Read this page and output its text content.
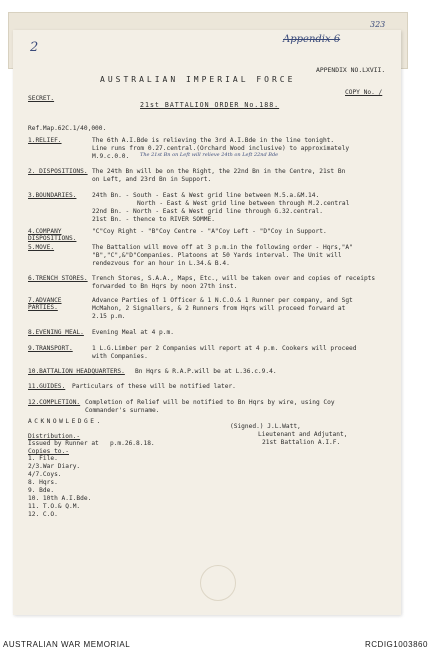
2
Appendix 6
323
APPENDIX NO.LXVII.
AUSTRALIAN IMPERIAL FORCE
SECRET.
COPY No. /
21st BATTALION ORDER No.188.
Ref.Map.62C.1/40,000.
1.RELIEF.	The 6th A.I.Bde is relieving the 3rd A.I.Bde in the line tonight.
Line runs from 0.27.central.(Orchard Wood inclusive) to approximately
M.9.c.0.0. The 21st Bn on Left will relieve 24th on Left 22nd Bde
2. DISPOSITIONS. The 24th Bn will be on the Right, the 22nd Bn in the Centre, 21st Bn
on Left, and 23rd Bn in Support.
3.BOUNDARIES.	24th Bn. - South - East & West grid line between M.5.a.&M.14.
North - East & West grid line between through M.2.central
22nd Bn. - North - East & West grid line through G.32.central.
21st Bn. - thence to RIVER SOMME.
4.COMPANY DISPOSITIONS.
"C"Coy Right - "B"Coy Centre - "A"Coy Left - "D"Coy in Support.
5.MOVE.	The Battalion will move off at 3 p.m.in the following order - Hqrs,"A"
"B","C",&"D"Companies. Platoons at 50 Yards interval. The Unit will
rendezvous for an hour in L.34.& B.4.
6.TRENCH STORES. Trench Stores, S.A.A., Maps, Etc., will be taken over and copies of receipts
forwarded to Bn Hqrs by noon 27th inst.
7.ADVANCE PARTIES.
Advance Parties of 1 Officer & 1 N.C.O.& 1 Runner per company, and Sgt
McMahon, 2 Signallers, & 2 Runners from Hqrs will proceed forward at
2.15 p.m.
8.EVENING MEAL. Evening Meal at 4 p.m.
9.TRANSPORT.	1 L.G.Limber per 2 Companies will report at 4 p.m. Cookers will proceed
with Companies.
10.BATTALION HEADQUARTERS. Bn Hqrs & R.A.P.will be at L.36.c.9.4.
11.GUIDES. Particulars of these will be notified later.
12.COMPLETION. Completion of Relief will be notified to Bn Hqrs by wire, using Coy
Commander's surname.
(Signed.) J.L.Watt,
Lieutenant and Adjutant,
21st Battalion A.I.F.
ACKNOWLEDGE.
Distribution.-
Issued by Runner at   p.m.26.8.18.
Copies to.-
1. File.
2/3.War Diary.
4/7.Coys.
8. Hqrs.
9. Bde.
10. 10th A.I.Bde.
11. T.O.& Q.M.
12. C.O.
AUSTRALIAN WAR MEMORIAL	RCDIG1003860
